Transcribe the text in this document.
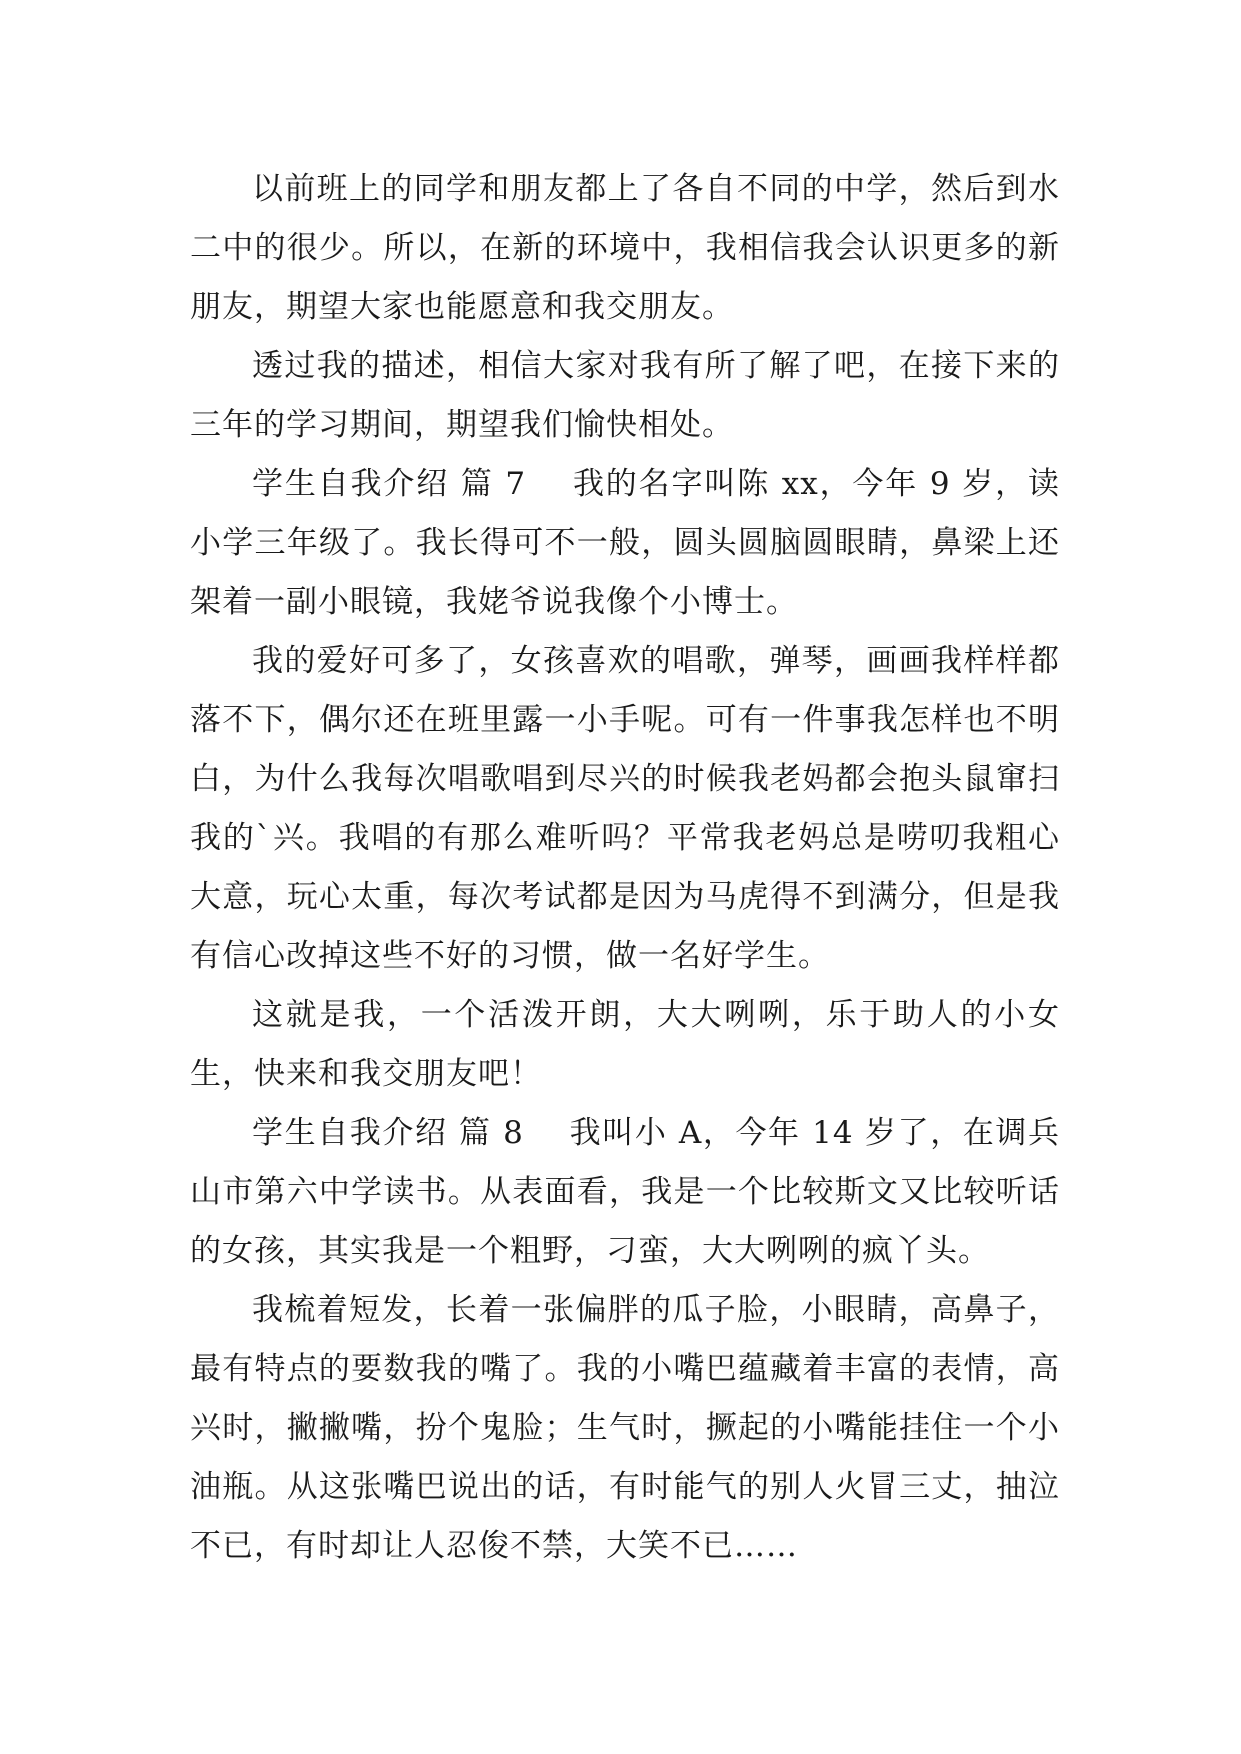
以前班上的同学和朋友都上了各自不同的中学，然后到水二中的很少。所以，在新的环境中，我相信我会认识更多的新朋友，期望大家也能愿意和我交朋友。

透过我的描述，相信大家对我有所了解了吧，在接下来的三年的学习期间，期望我们愉快相处。

学生自我介绍 篇 7    我的名字叫陈 xx，今年 9 岁，读小学三年级了。我长得可不一般，圆头圆脑圆眼睛，鼻梁上还架着一副小眼镜，我姥爷说我像个小博士。

我的爱好可多了，女孩喜欢的唱歌，弹琴，画画我样样都落不下，偶尔还在班里露一小手呢。可有一件事我怎样也不明白，为什么我每次唱歌唱到尽兴的时候我老妈都会抱头鼠窜扫我的`兴。我唱的有那么难听吗？平常我老妈总是唠叨我粗心大意，玩心太重，每次考试都是因为马虎得不到满分，但是我有信心改掉这些不好的习惯，做一名好学生。

这就是我，一个活泼开朗，大大咧咧，乐于助人的小女生，快来和我交朋友吧！

学生自我介绍 篇 8    我叫小 A，今年 14 岁了，在调兵山市第六中学读书。从表面看，我是一个比较斯文又比较听话的女孩，其实我是一个粗野，刁蛮，大大咧咧的疯丫头。

我梳着短发，长着一张偏胖的瓜子脸，小眼睛，高鼻子，最有特点的要数我的嘴了。我的小嘴巴蕴藏着丰富的表情，高兴时，撇撇嘴，扮个鬼脸；生气时，撅起的小嘴能挂住一个小油瓶。从这张嘴巴说出的话，有时能气的别人火冒三丈，抽泣不已，有时却让人忍俊不禁，大笑不已……
